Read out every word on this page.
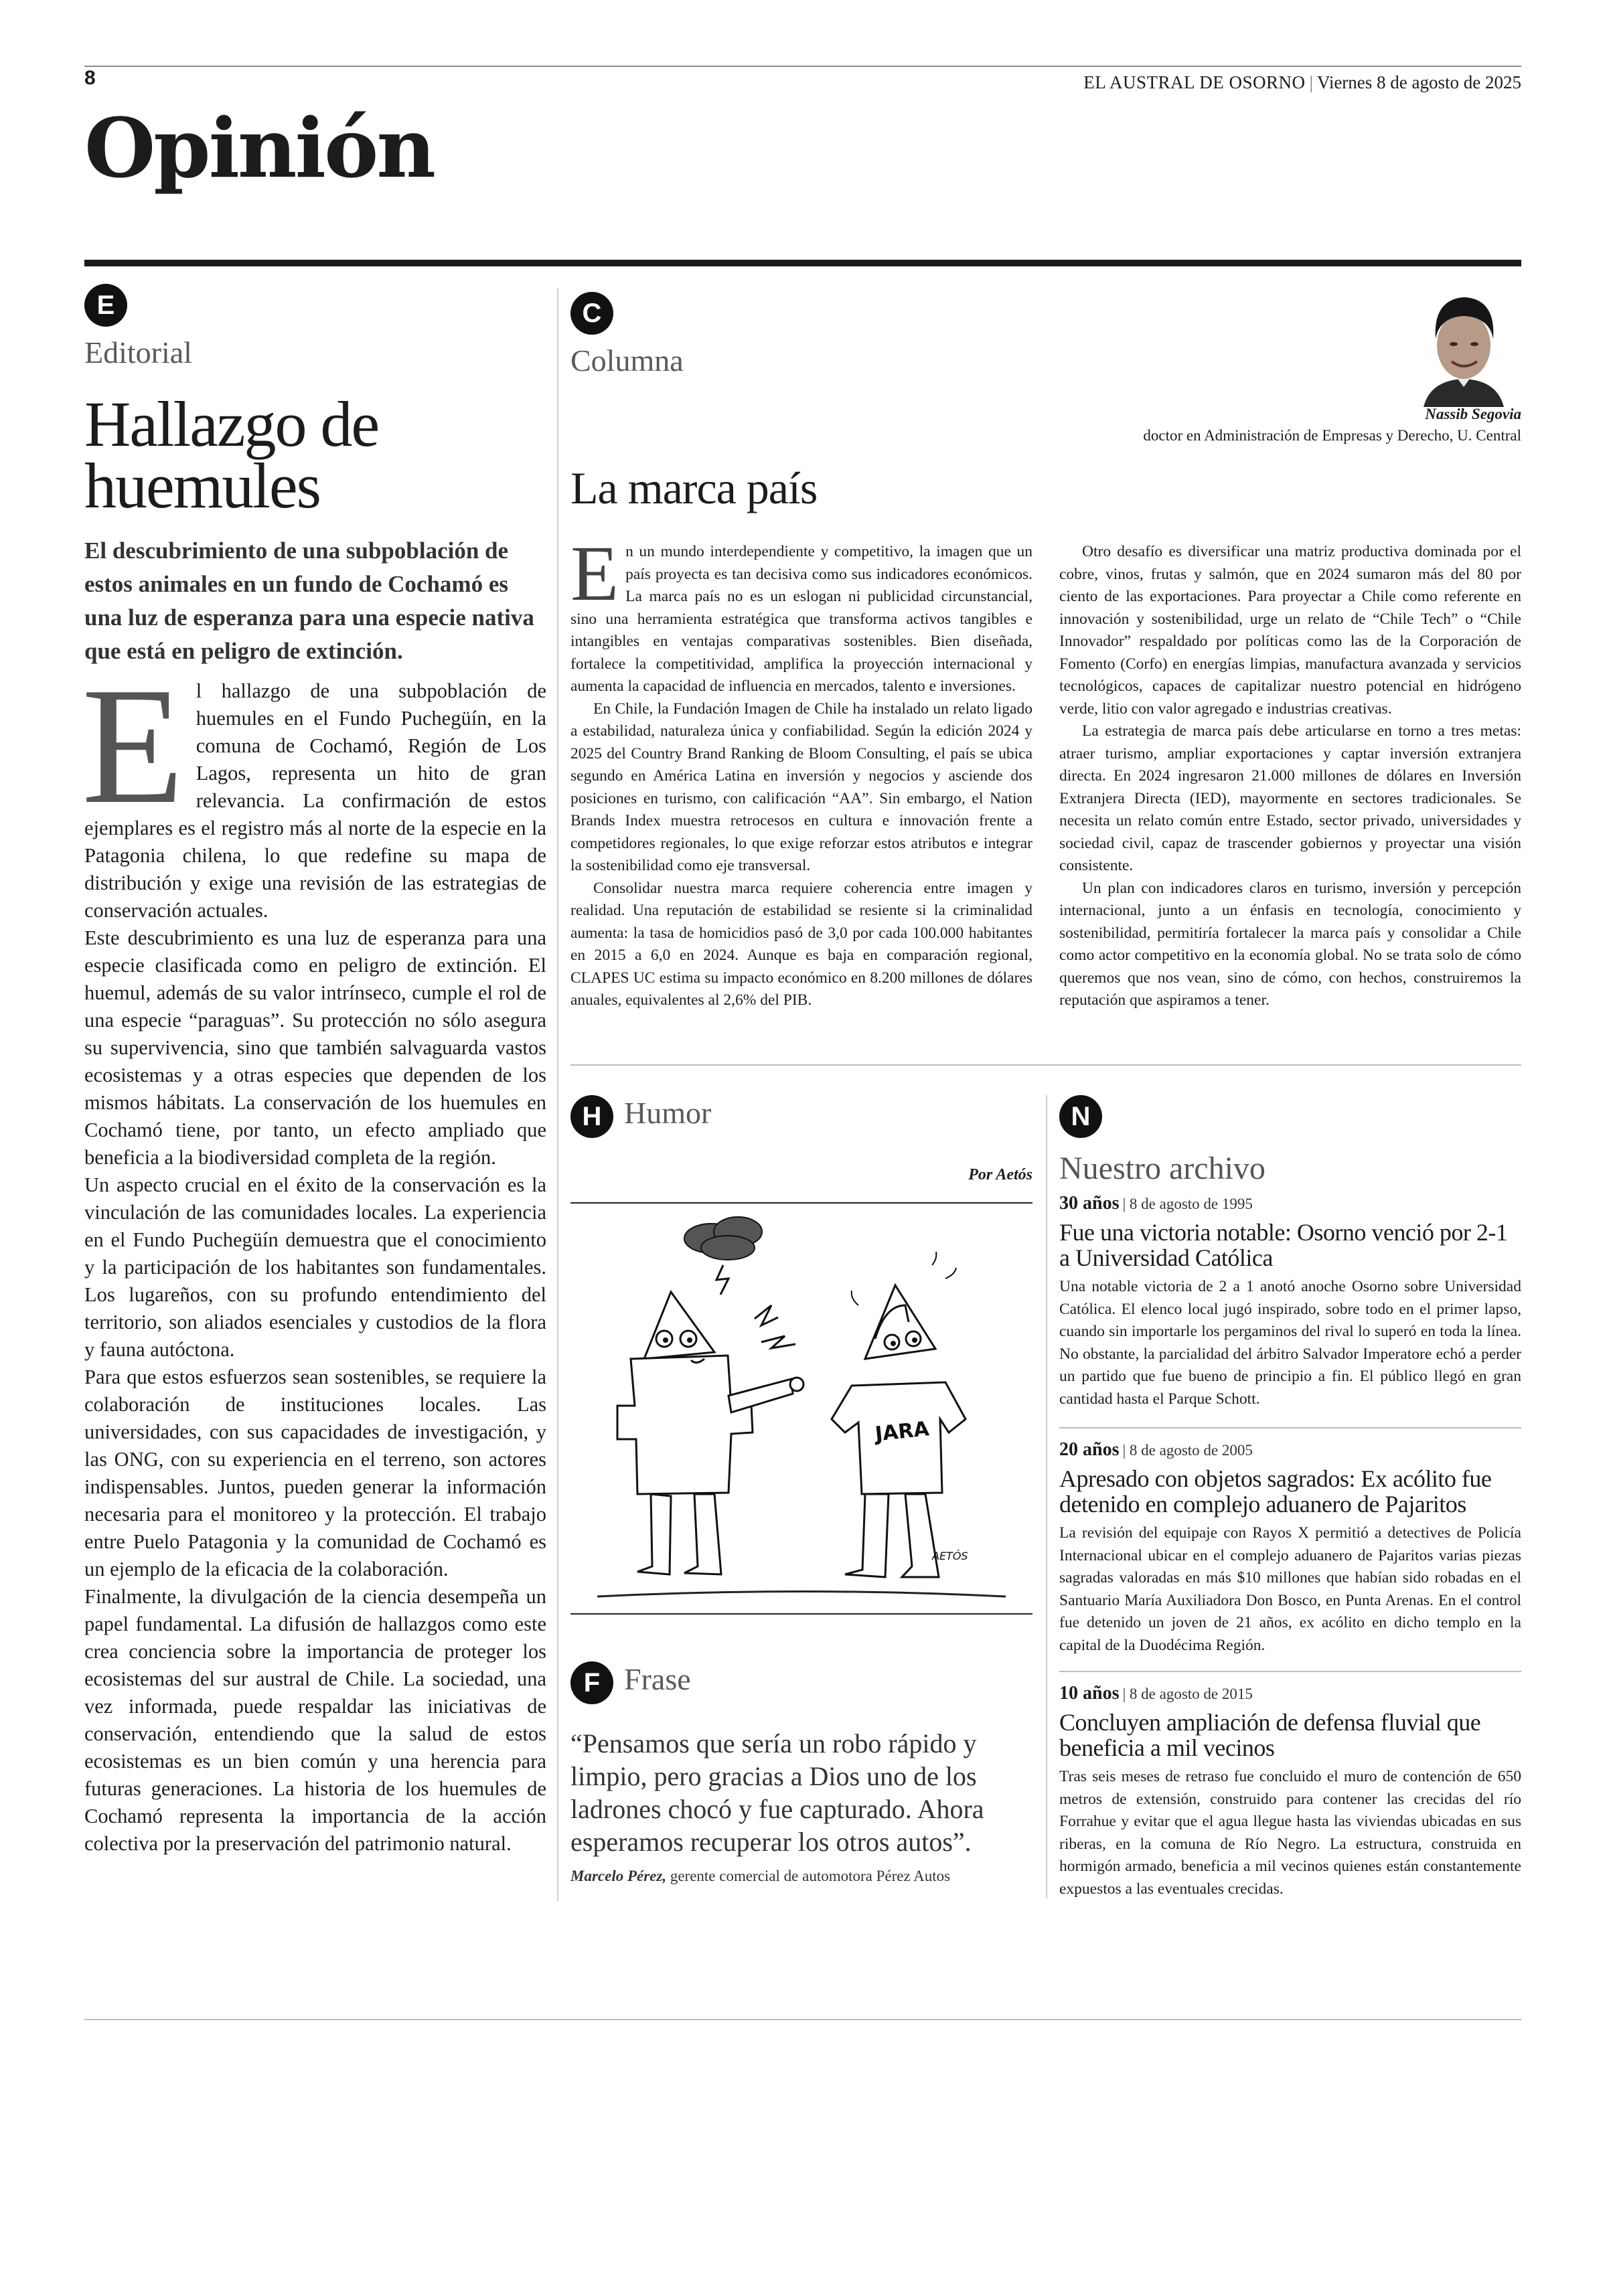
8	EL AUSTRAL DE OSORNO | Viernes 8 de agosto de 2025
Opinión
E
Editorial
Hallazgo de huemules
El descubrimiento de una subpoblación de estos animales en un fundo de Cochamó es una luz de esperanza para una especie nativa que está en peligro de extinción.
E l hallazgo de una subpoblación de huemules en el Fundo Puchegüín, en la comuna de Cochamó, Región de Los Lagos, representa un hito de gran relevancia. La confirmación de estos ejemplares es el registro más al norte de la especie en la Patagonia chilena, lo que redefine su mapa de distribución y exige una revisión de las estrategias de conservación actuales.

Este descubrimiento es una luz de esperanza para una especie clasificada como en peligro de extinción. El huemul, además de su valor intrínseco, cumple el rol de una especie “paraguas”. Su protección no sólo asegura su supervivencia, sino que también salvaguarda vastos ecosistemas y a otras especies que dependen de los mismos hábitats. La conservación de los huemules en Cochamó tiene, por tanto, un efecto ampliado que beneficia a la biodiversidad completa de la región.

Un aspecto crucial en el éxito de la conservación es la vinculación de las comunidades locales. La experiencia en el Fundo Puchegüín demuestra que el conocimiento y la participación de los habitantes son fundamentales. Los lugareños, con su profundo entendimiento del territorio, son aliados esenciales y custodios de la flora y fauna autóctona.

Para que estos esfuerzos sean sostenibles, se requiere la colaboración de instituciones locales. Las universidades, con sus capacidades de investigación, y las ONG, con su experiencia en el terreno, son actores indispensables. Juntos, pueden generar la información necesaria para el monitoreo y la protección. El trabajo entre Puelo Patagonia y la comunidad de Cochamó es un ejemplo de la eficacia de la colaboración.

Finalmente, la divulgación de la ciencia desempeña un papel fundamental. La difusión de hallazgos como este crea conciencia sobre la importancia de proteger los ecosistemas del sur austral de Chile. La sociedad, una vez informada, puede respaldar las iniciativas de conservación, entendiendo que la salud de estos ecosistemas es un bien común y una herencia para futuras generaciones. La historia de los huemules de Cochamó representa la importancia de la acción colectiva por la preservación del patrimonio natural.

C
Columna
Nassib Segovia
doctor en Administración de Empresas y Derecho, U. Central
La marca país
E n un mundo interdependiente y competitivo, la imagen que un país proyecta es tan decisiva como sus indicadores económicos. La marca país no es un eslogan ni publicidad circunstancial, sino una herramienta estratégica que transforma activos tangibles e intangibles en ventajas comparativas sostenibles. Bien diseñada, fortalece la competitividad, amplifica la proyección internacional y aumenta la capacidad de influencia en mercados, talento e inversiones.

En Chile, la Fundación Imagen de Chile ha instalado un relato ligado a estabilidad, naturaleza única y confiabilidad. Según la edición 2024 y 2025 del Country Brand Ranking de Bloom Consulting, el país se ubica segundo en América Latina en inversión y negocios y asciende dos posiciones en turismo, con calificación “AA”. Sin embargo, el Nation Brands Index muestra retrocesos en cultura e innovación frente a competidores regionales, lo que exige reforzar estos atributos e integrar la sostenibilidad como eje transversal.

Consolidar nuestra marca requiere coherencia entre imagen y realidad. Una reputación de estabilidad se resiente si la criminalidad aumenta: la tasa de homicidios pasó de 3,0 por cada 100.000 habitantes en 2015 a 6,0 en 2024. Aunque es baja en comparación regional, CLAPES UC estima su impacto económico en 8.200 millones de dólares anuales, equivalentes al 2,6% del PIB.

Otro desafío es diversificar una matriz productiva dominada por el cobre, vinos, frutas y salmón, que en 2024 sumaron más del 80 por ciento de las exportaciones. Para proyectar a Chile como referente en innovación y sostenibilidad, urge un relato de “Chile Tech” o “Chile Innovador” respaldado por políticas como las de la Corporación de Fomento (Corfo) en energías limpias, manufactura avanzada y servicios tecnológicos, capaces de capitalizar nuestro potencial en hidrógeno verde, litio con valor agregado e industrias creativas.

La estrategia de marca país debe articularse en torno a tres metas: atraer turismo, ampliar exportaciones y captar inversión extranjera directa. En 2024 ingresaron 21.000 millones de dólares en Inversión Extranjera Directa (IED), mayormente en sectores tradicionales. Se necesita un relato común entre Estado, sector privado, universidades y sociedad civil, capaz de trascender gobiernos y proyectar una visión consistente.

Un plan con indicadores claros en turismo, inversión y percepción internacional, junto a un énfasis en tecnología, conocimiento y sostenibilidad, permitiría fortalecer la marca país y consolidar a Chile como actor competitivo en la economía global. No se trata solo de cómo queremos que nos vean, sino de cómo, con hechos, construiremos la reputación que aspiramos a tener.

H Humor
Por Aetós
JARA
AETÓS
F Frase
“Pensamos que sería un robo rápido y limpio, pero gracias a Dios uno de los ladrones chocó y fue capturado. Ahora esperamos recuperar los otros autos”.
Marcelo Pérez, gerente comercial de automotora Pérez Autos
N
Nuestro archivo
30 años | 8 de agosto de 1995
Fue una victoria notable: Osorno venció por 2-1 a Universidad Católica
Una notable victoria de 2 a 1 anotó anoche Osorno sobre Universidad Católica. El elenco local jugó inspirado, sobre todo en el primer lapso, cuando sin importarle los pergaminos del rival lo superó en toda la línea. No obstante, la parcialidad del árbitro Salvador Imperatore echó a perder un partido que fue bueno de principio a fin. El público llegó en gran cantidad hasta el Parque Schott.
20 años | 8 de agosto de 2005
Apresado con objetos sagrados: Ex acólito fue detenido en complejo aduanero de Pajaritos
La revisión del equipaje con Rayos X permitió a detectives de Policía Internacional ubicar en el complejo aduanero de Pajaritos varias piezas sagradas valoradas en más $10 millones que habían sido robadas en el Santuario María Auxiliadora Don Bosco, en Punta Arenas. En el control fue detenido un joven de 21 años, ex acólito en dicho templo en la capital de la Duodécima Región.
10 años | 8 de agosto de 2015
Concluyen ampliación de defensa fluvial que beneficia a mil vecinos
Tras seis meses de retraso fue concluido el muro de contención de 650 metros de extensión, construido para contener las crecidas del río Forrahue y evitar que el agua llegue hasta las viviendas ubicadas en sus riberas, en la comuna de Río Negro. La estructura, construida en hormigón armado, beneficia a mil vecinos quienes están constantemente expuestos a las eventuales crecidas.
